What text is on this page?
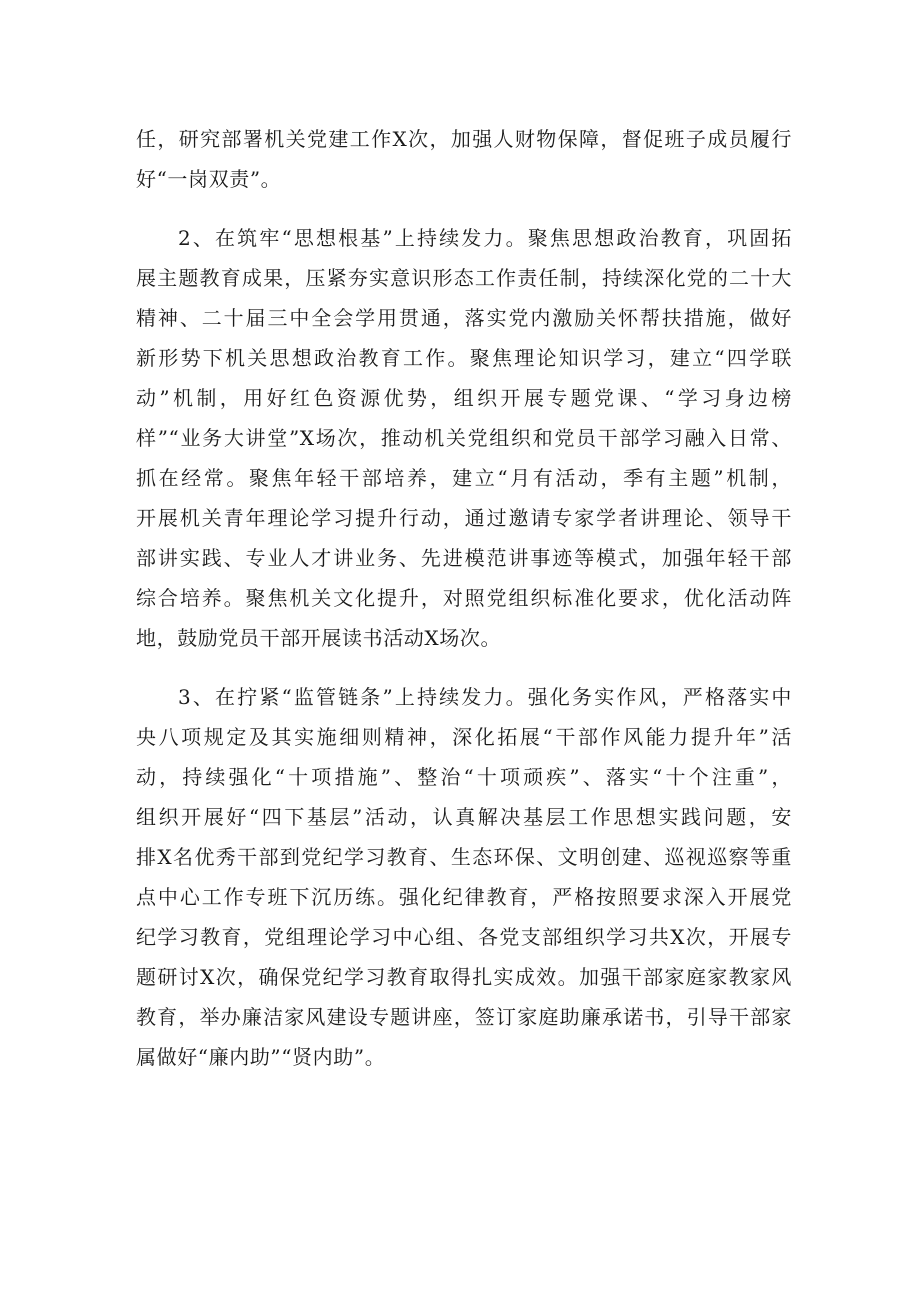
任，研究部署机关党建工作X次，加强人财物保障，督促班子成员履行
好“一岗双责”。
2、在筑牢“思想根基”上持续发力。聚焦思想政治教育，巩固拓
展主题教育成果，压紧夯实意识形态工作责任制，持续深化党的二十大
精神、二十届三中全会学用贯通，落实党内激励关怀帮扶措施，做好
新形势下机关思想政治教育工作。聚焦理论知识学习，建立“四学联
动”机制，用好红色资源优势，组织开展专题党课、“学习身边榜
样”“业务大讲堂”X场次，推动机关党组织和党员干部学习融入日常、
抓在经常。聚焦年轻干部培养，建立“月有活动，季有主题”机制，
开展机关青年理论学习提升行动，通过邀请专家学者讲理论、领导干
部讲实践、专业人才讲业务、先进模范讲事迹等模式，加强年轻干部
综合培养。聚焦机关文化提升，对照党组织标准化要求，优化活动阵
地，鼓励党员干部开展读书活动X场次。
3、在拧紧“监管链条”上持续发力。强化务实作风，严格落实中
央八项规定及其实施细则精神，深化拓展“干部作风能力提升年”活
动，持续强化“十项措施”、整治“十项顽疾”、落实“十个注重”，
组织开展好“四下基层”活动，认真解决基层工作思想实践问题，安
排X名优秀干部到党纪学习教育、生态环保、文明创建、巡视巡察等重
点中心工作专班下沉历练。强化纪律教育，严格按照要求深入开展党
纪学习教育，党组理论学习中心组、各党支部组织学习共X次，开展专
题研讨X次，确保党纪学习教育取得扎实成效。加强干部家庭家教家风
教育，举办廉洁家风建设专题讲座，签订家庭助廉承诺书，引导干部家
属做好“廉内助”“贤内助”。
